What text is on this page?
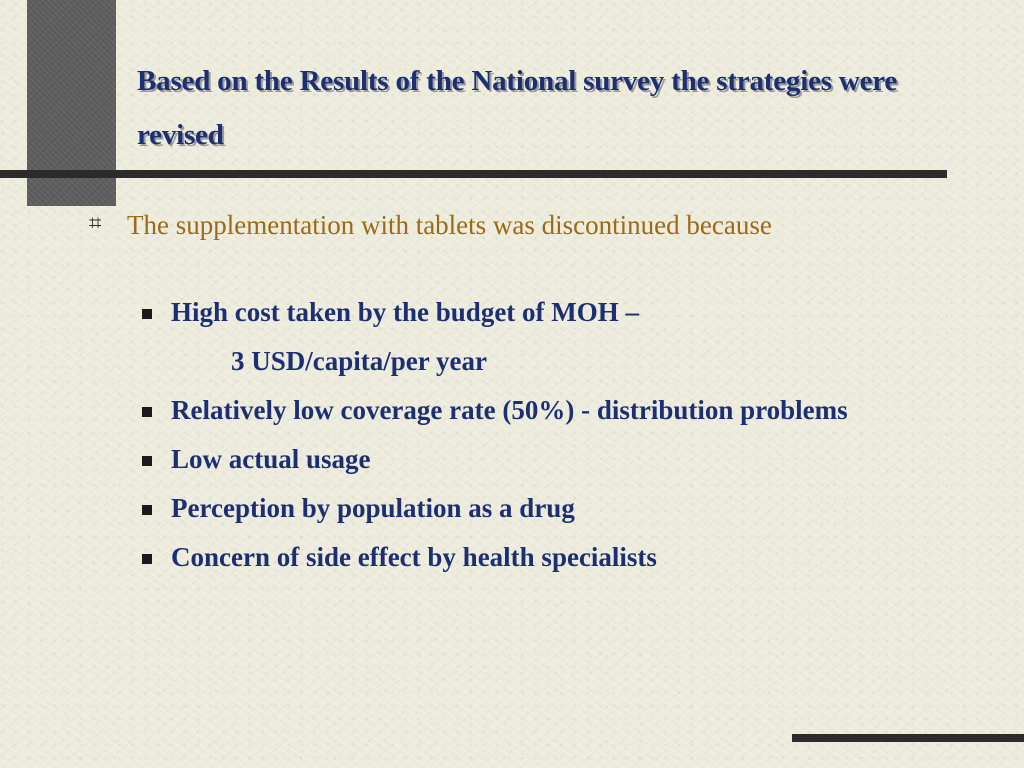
Based on the Results of the National survey the strategies were revised
⌗ The supplementation with tablets was discontinued because
High cost taken by the budget of MOH –
3 USD/capita/per year
Relatively low coverage rate (50%) - distribution problems
Low actual usage
Perception by population as a drug
Concern of side effect by health specialists
